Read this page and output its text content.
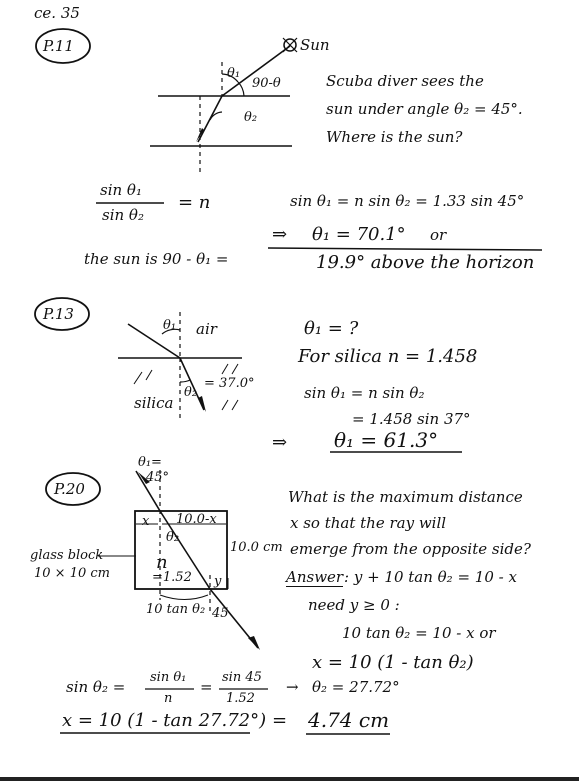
ce. 35
P.11	Sun
θ₁
90-θ
θ₂
Scuba diver sees the
sun under angle θ₂ = 45°.
Where is the sun?
sin θ₁
sin θ₂
= n	sin θ₁ = n sin θ₂ = 1.33 sin 45°
⇒ θ₁ = 70.1° or
the sun is 90 - θ₁ =	19.9° above the horizon
P.13
θ₁ air
θ₂
= 37.0°
silica
θ₁ = ?
For silica n = 1.458
sin θ₁ = n sin θ₂
= 1.458 sin 37°
⇒ θ₁ = 61.3°
P.20
θ₁=
45°
x 10.0-x
θ₂
10.0 cm
glass block
10 × 10 cm
n
=1.52 y
10 tan θ₂ 45
What is the maximum distance
x so that the ray will
emerge from the opposite side?
Answer : y + 10 tan θ₂ = 10 - x
need y ≥ 0 :
10 tan θ₂ = 10 - x or
x = 10 (1 - tan θ₂)
sin θ₂ =
sin θ₁
n
=
sin 45
1.52
→ θ₂ = 27.72°
x = 10 (1 - tan 27.72°) = 4.74 cm
